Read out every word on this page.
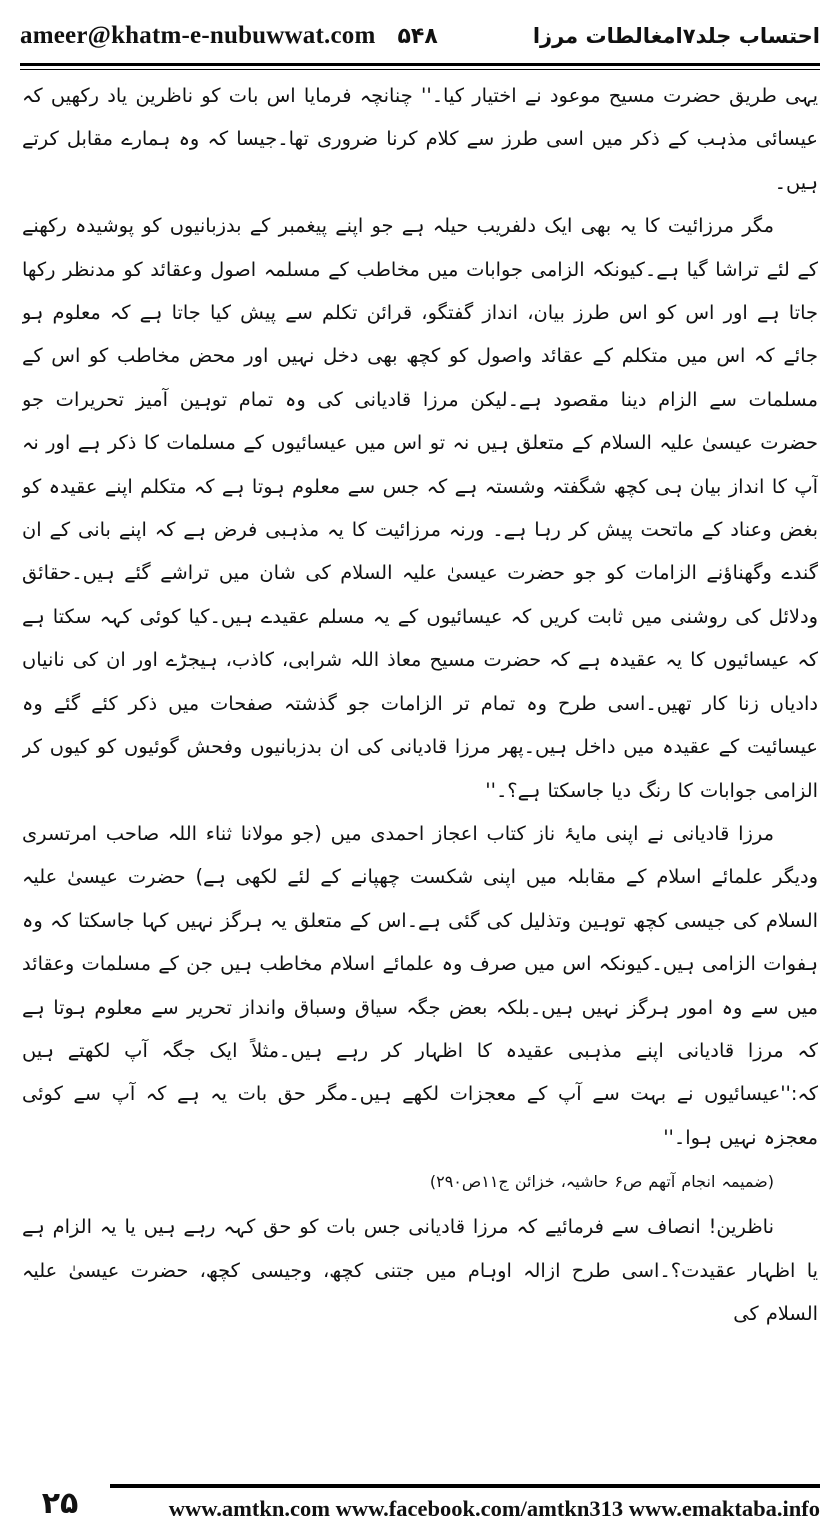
ameer@khatm-e-nubuwwat.com ۵۴۸	احتساب جلد۷امغالطات مرزا

یہی طریق حضرت مسیح موعود نے اختیار کیا۔'' چنانچہ فرمایا اس بات کو ناظرین یاد رکھیں کہ عیسائی مذہب کے ذکر میں اسی طرز سے کلام کرنا ضروری تھا۔جیسا کہ وہ ہمارے مقابل کرتے ہیں۔

مگر مرزائیت کا یہ بھی ایک دلفریب حیلہ ہے جو اپنے پیغمبر کے بدزبانیوں کو پوشیدہ رکھنے کے لئے تراشا گیا ہے۔کیونکہ الزامی جوابات میں مخاطب کے مسلمہ اصول وعقائد کو مدنظر رکھا جاتا ہے اور اس کو اس طرز بیان، انداز گفتگو، قرائن تکلم سے پیش کیا جاتا ہے کہ معلوم ہو جائے کہ اس میں متکلم کے عقائد واصول کو کچھ بھی دخل نہیں اور محض مخاطب کو اس کے مسلمات سے الزام دینا مقصود ہے۔لیکن مرزا قادیانی کی وہ تمام توہین آمیز تحریرات جو حضرت عیسیٰ علیہ السلام کے متعلق ہیں نہ تو اس میں عیسائیوں کے مسلمات کا ذکر ہے اور نہ آپ کا انداز بیان ہی کچھ شگفتہ وشستہ ہے کہ جس سے معلوم ہوتا ہے کہ متکلم اپنے عقیدہ کو بغض وعناد کے ماتحت پیش کر رہا ہے۔ ورنہ مرزائیت کا یہ مذہبی فرض ہے کہ اپنے بانی کے ان گندے وگھناؤنے الزامات کو جو حضرت عیسیٰ علیہ السلام کی شان میں تراشے گئے ہیں۔حقائق ودلائل کی روشنی میں ثابت کریں کہ عیسائیوں کے یہ مسلم عقیدے ہیں۔کیا کوئی کہہ سکتا ہے کہ عیسائیوں کا یہ عقیدہ ہے کہ حضرت مسیح معاذ اللہ شرابی، کاذب، ہیجڑے اور ان کی نانیاں دادیاں زنا کار تھیں۔اسی طرح وہ تمام تر الزامات جو گذشتہ صفحات میں ذکر کئے گئے وہ عیسائیت کے عقیدہ میں داخل ہیں۔پھر مرزا قادیانی کی ان بدزبانیوں وفحش گوئیوں کو کیوں کر الزامی جوابات کا رنگ دیا جاسکتا ہے؟۔''

مرزا قادیانی نے اپنی مایۂ ناز کتاب اعجاز احمدی میں (جو مولانا ثناء اللہ صاحب امرتسری ودیگر علمائے اسلام کے مقابلہ میں اپنی شکست چھپانے کے لئے لکھی ہے) حضرت عیسیٰ علیہ السلام کی جیسی کچھ توہین وتذلیل کی گئی ہے۔اس کے متعلق یہ ہرگز نہیں کہا جاسکتا کہ وہ ہفوات الزامی ہیں۔کیونکہ اس میں صرف وہ علمائے اسلام مخاطب ہیں جن کے مسلمات وعقائد میں سے وہ امور ہرگز نہیں ہیں۔بلکہ بعض جگہ سیاق وسباق وانداز تحریر سے معلوم ہوتا ہے کہ مرزا قادیانی اپنے مذہبی عقیدہ کا اظہار کر رہے ہیں۔مثلاً ایک جگہ آپ لکھتے ہیں کہ:''عیسائیوں نے بہت سے آپ کے معجزات لکھے ہیں۔مگر حق بات یہ ہے کہ آپ سے کوئی معجزہ نہیں ہوا۔''

(ضمیمہ انجام آتھم ص۶ حاشیہ، خزائن ج۱۱ص۲۹۰)

ناظرین! انصاف سے فرمائیے کہ مرزا قادیانی جس بات کو حق کہہ رہے ہیں یا یہ الزام ہے یا اظہار عقیدت؟۔اسی طرح ازالہ اوہام میں جتنی کچھ، وجیسی کچھ، حضرت عیسیٰ علیہ السلام کی

۲۵	www.amtkn.com www.facebook.com/amtkn313 www.emaktaba.info
